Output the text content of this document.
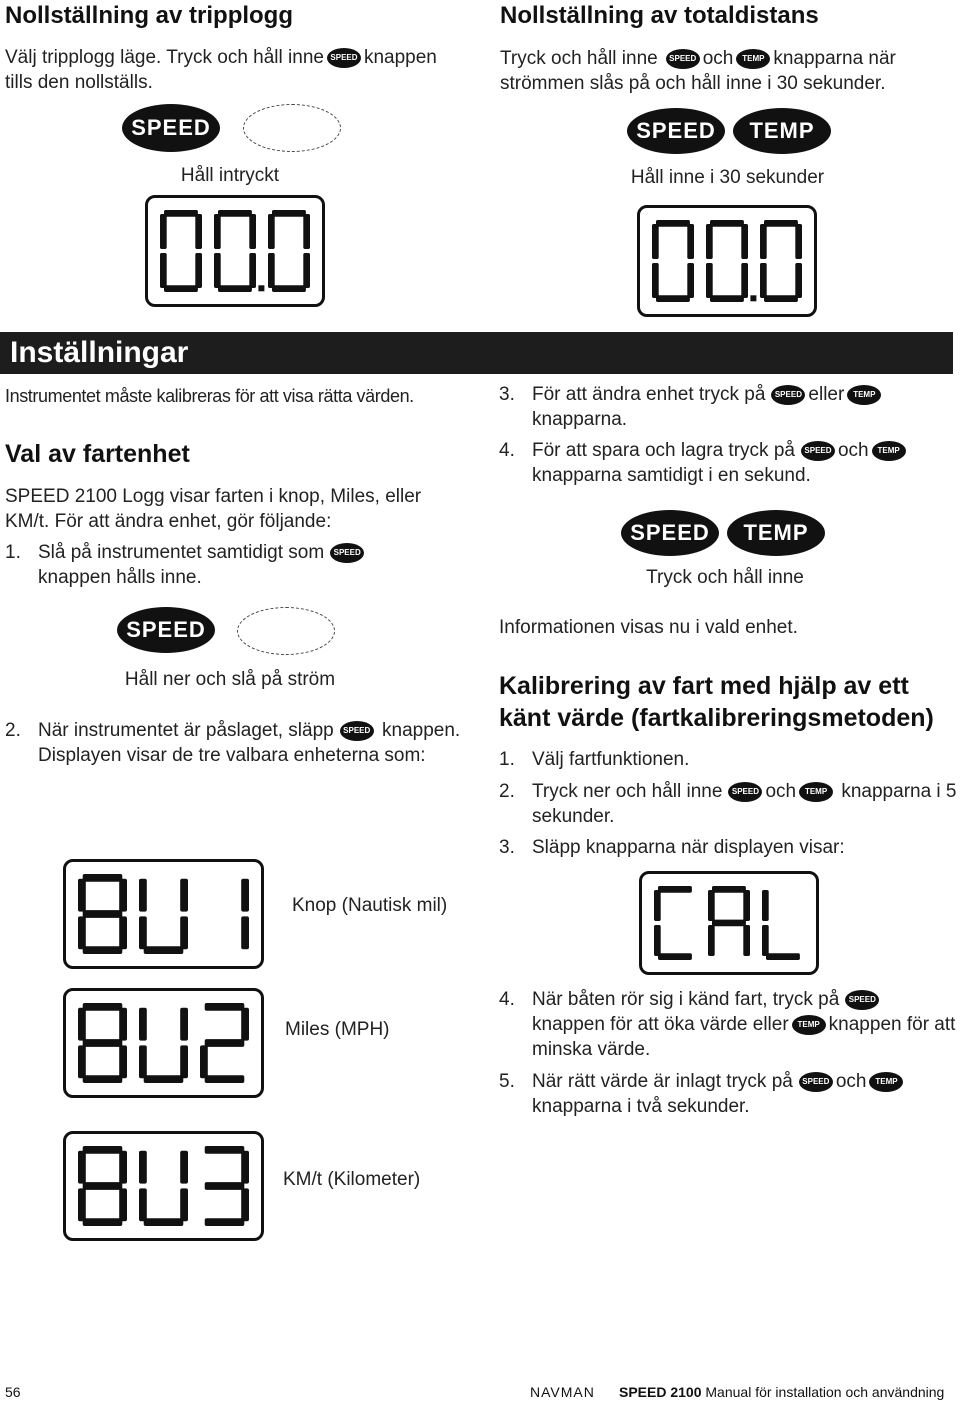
Nollställning av tripplogg
Välj tripplogg läge. Tryck och håll inne SPEED knappen
tills den nollställs.
SPEED
Håll intryckt
Nollställning av totaldistans
Tryck och håll inne SPEED och TEMP knapparna när
strömmen slås på och håll inne i 30 sekunder.
SPEED	TEMP
Håll inne i 30 sekunder
Inställningar
Instrumentet måste kalibreras för att visa rätta värden.
Val av fartenhet
SPEED 2100 Logg visar farten i knop, Miles, eller KM/t. För att ändra enhet, gör följande:
1. Slå på instrumentet samtidigt som SPEED
knappen hålls inne.
SPEED
Håll ner och slå på ström
2. När instrumentet är påslaget, släpp SPEED knappen. Displayen visar de tre valbara enheterna som:
Knop (Nautisk mil)
Miles (MPH)
KM/t (Kilometer)
3. För att ändra enhet tryck på SPEED eller TEMP
knapparna.
4. För att spara och lagra tryck på SPEED och TEMP
knapparna samtidigt i en sekund.
SPEED	TEMP
Tryck och håll inne
Informationen visas nu i vald enhet.
Kalibrering av fart med hjälp av ett känt värde (fartkalibreringsmetoden)
1. Välj fartfunktionen.
2. Tryck ner och håll inne SPEED och TEMP knapparna i 5 sekunder.
3. Släpp knapparna när displayen visar:
4. När båten rör sig i känd fart, tryck på SPEED
knappen för att öka värde eller TEMP knappen för att minska värde.
5. När rätt värde är inlagt tryck på SPEED och TEMP
knapparna i två sekunder.
56	NAVMAN SPEED 2100 Manual för installation och användning
